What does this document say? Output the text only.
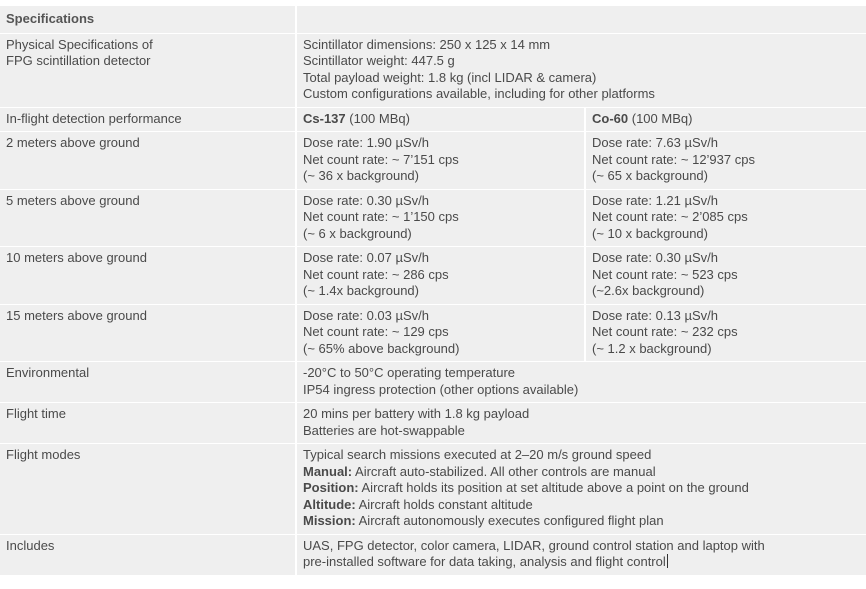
Specifications		

Physical Specifications of
FPG scintillation detector	Scintillator dimensions: 250 x 125 x 14 mm
Scintillator weight: 447.5 g
Total payload weight: 1.8 kg (incl LIDAR & camera)
Custom configurations available, including for other platforms	

In-flight detection performance	Cs-137 (100 MBq)	Co-60 (100 MBq)
2 meters above ground	Dose rate: 1.90 µSv/h
Net count rate: ~ 7’151 cps
(~ 36 x background)	Dose rate: 7.63 µSv/h
Net count rate: ~ 12’937 cps
(~ 65 x background)

5 meters above ground	Dose rate: 0.30 µSv/h
Net count rate: ~ 1’150 cps
(~ 6 x background)	Dose rate: 1.21 µSv/h
Net count rate: ~ 2’085 cps
(~ 10 x background)

10 meters above ground	Dose rate: 0.07 µSv/h
Net count rate: ~ 286 cps
(~ 1.4x background)	Dose rate: 0.30 µSv/h
Net count rate: ~ 523 cps
(~2.6x background)

15 meters above ground	Dose rate: 0.03 µSv/h
Net count rate: ~ 129 cps
(~ 65% above background)	Dose rate: 0.13 µSv/h
Net count rate: ~ 232 cps
(~ 1.2 x background)

Environmental	-20°C to 50°C operating temperature
IP54 ingress protection (other options available)	

Flight time	20 mins per battery with 1.8 kg payload
Batteries are hot-swappable	

Flight modes	Typical search missions executed at 2–20 m/s ground speed
Manual: Aircraft auto-stabilized. All other controls are manual
Position: Aircraft holds its position at set altitude above a point on the ground
Altitude: Aircraft holds constant altitude
Mission: Aircraft autonomously executes configured flight plan	

Includes	UAS, FPG detector, color camera, LIDAR, ground control station and laptop with
pre-installed software for data taking, analysis and flight control	
